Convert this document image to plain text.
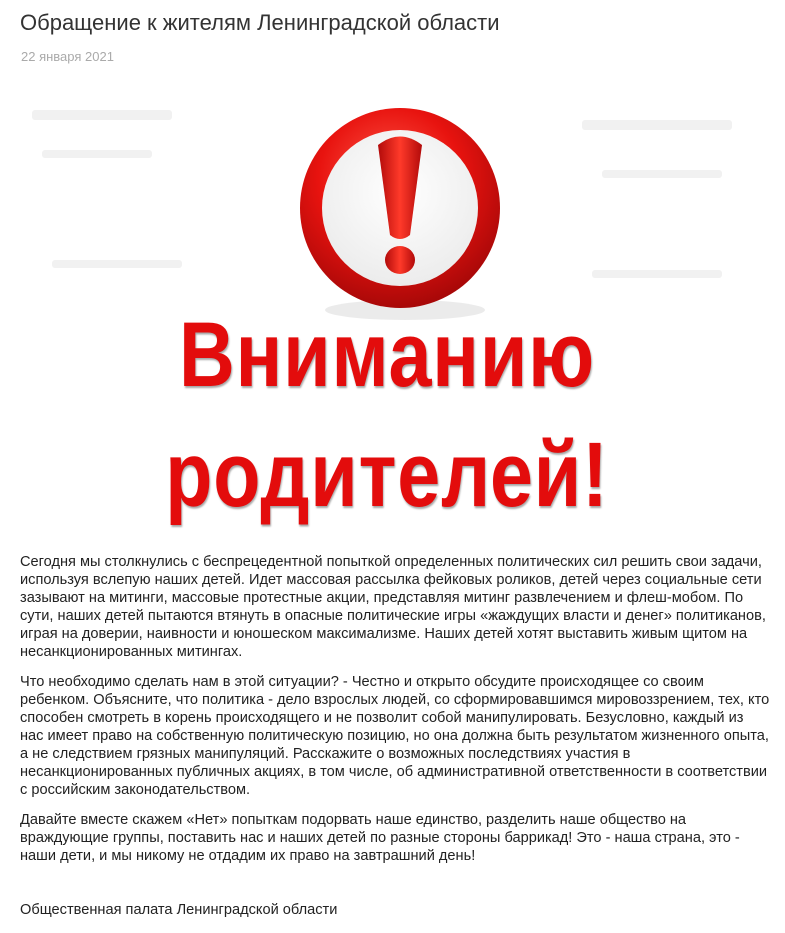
Обращение к жителям Ленинградской области
22 января 2021
Вниманию
родителей!

Сегодня мы столкнулись с беспрецедентной попыткой определенных политических сил решить свои задачи, используя вслепую наших детей. Идет массовая рассылка фейковых роликов, детей через социальные сети зазывают на митинги, массовые протестные акции, представляя митинг развлечением и флеш-мобом. По сути, наших детей пытаются втянуть в опасные политические игры «жаждущих власти и денег» политиканов, играя на доверии, наивности и юношеском максимализме. Наших детей хотят выставить живым щитом на несанкционированных митингах.

Что необходимо сделать нам в этой ситуации? - Честно и открыто обсудите происходящее со своим ребенком. Объясните, что политика - дело взрослых людей, со сформировавшимся мировоззрением, тех, кто способен смотреть в корень происходящего и не позволит собой манипулировать. Безусловно, каждый из нас имеет право на собственную политическую позицию, но она должна быть результатом жизненного опыта, а не следствием грязных манипуляций. Расскажите о возможных последствиях участия в несанкционированных публичных акциях, в том числе, об административной ответственности в соответствии с российским законодательством.

Давайте вместе скажем «Нет» попыткам подорвать наше единство, разделить наше общество на враждующие группы, поставить нас и наших детей по разные стороны баррикад! Это - наша страна, это - наши дети, и мы никому не отдадим их право на завтрашний день!

Общественная палата Ленинградской области
